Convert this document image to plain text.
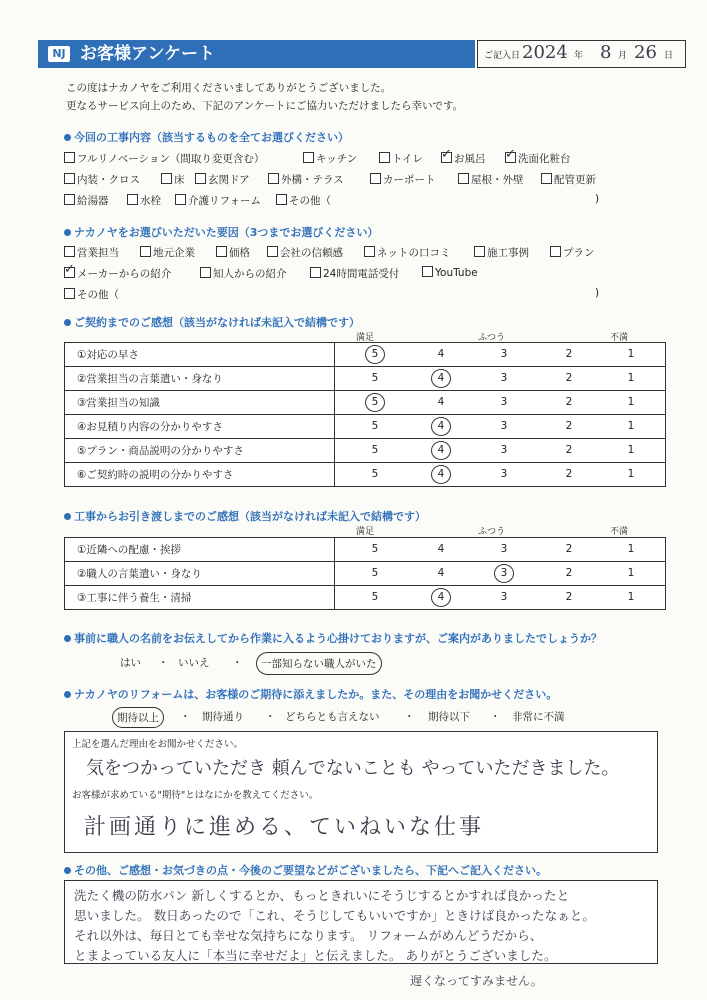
NJ お客様アンケート	ご記入日 2024 年 8 月 26 日
この度はナカノヤをご利用くださいましてありがとうございました。
更なるサービス向上のため、下記のアンケートにご協力いただけましたら幸いです。
今回の工事内容（該当するものを全てお選びください）
フルリノベーション（間取り変更含む）	キッチン	トイレ ✓	お風呂 ✓	洗面化粧台
内装・クロス	床	玄関ドア	外構・テラス	カーポート	屋根・外壁	配管更新
給湯器	水栓	介護リフォーム	その他（	)
ナカノヤをお選びいただいた要因（3つまでお選びください）
営業担当	地元企業	価格	会社の信頼感	ネットの口コミ	施工事例	プラン
✓メーカーからの紹介	知人からの紹介	24時間電話受付	YouTube
その他（	)
ご契約までのご感想（該当がなければ未記入で結構です）
満足	ふつう	不満
①対応の早さ	5 4 3 2 1

②営業担当の言葉遣い・身なり	5 4 3 2 1

③営業担当の知識	5 4 3 2 1

④お見積り内容の分かりやすさ	5 4 3 2 1

⑤プラン・商品説明の分かりやすさ	5 4 3 2 1

⑥ご契約時の説明の分かりやすさ	5 4 3 2 1
工事からお引き渡しまでのご感想（該当がなければ未記入で結構です）
満足	ふつう	不満
①近隣への配慮・挨拶	5 4 3 2 1

②職人の言葉遣い・身なり	5 4 3 2 1

③工事に伴う養生・清掃	5 4 3 2 1
事前に職人の名前をお伝えしてから作業に入るよう心掛けておりますが、ご案内がありましたでしょうか？
はい ・ いいえ ・	一部知らない職人がいた
ナカノヤのリフォームは、お客様のご期待に添えましたか。また、その理由をお聞かせください。
期待以上	・ 期待通り ・ どちらとも言えない ・ 期待以下 ・ 非常に不満
上記を選んだ理由をお聞かせください。
気をつかっていただき 頼んでないことも やっていただきました。
お客様が求めている"期待"とはなにかを教えてください。
計画通りに進める、ていねいな仕事
その他、ご感想・お気づきの点・今後のご要望などがございましたら、下記へご記入ください。
洗たく機の防水パン 新しくするとか、もっときれいにそうじするとかすれば良かったと
思いました。 数日あったので「これ、そうじしてもいいですか」ときけば良かったなぁと。
それ以外は、毎日とても幸せな気持ちになります。 リフォームがめんどうだから、
とまよっている友人に「本当に幸せだよ」と伝えました。 ありがとうございました。
遅くなってすみません。
